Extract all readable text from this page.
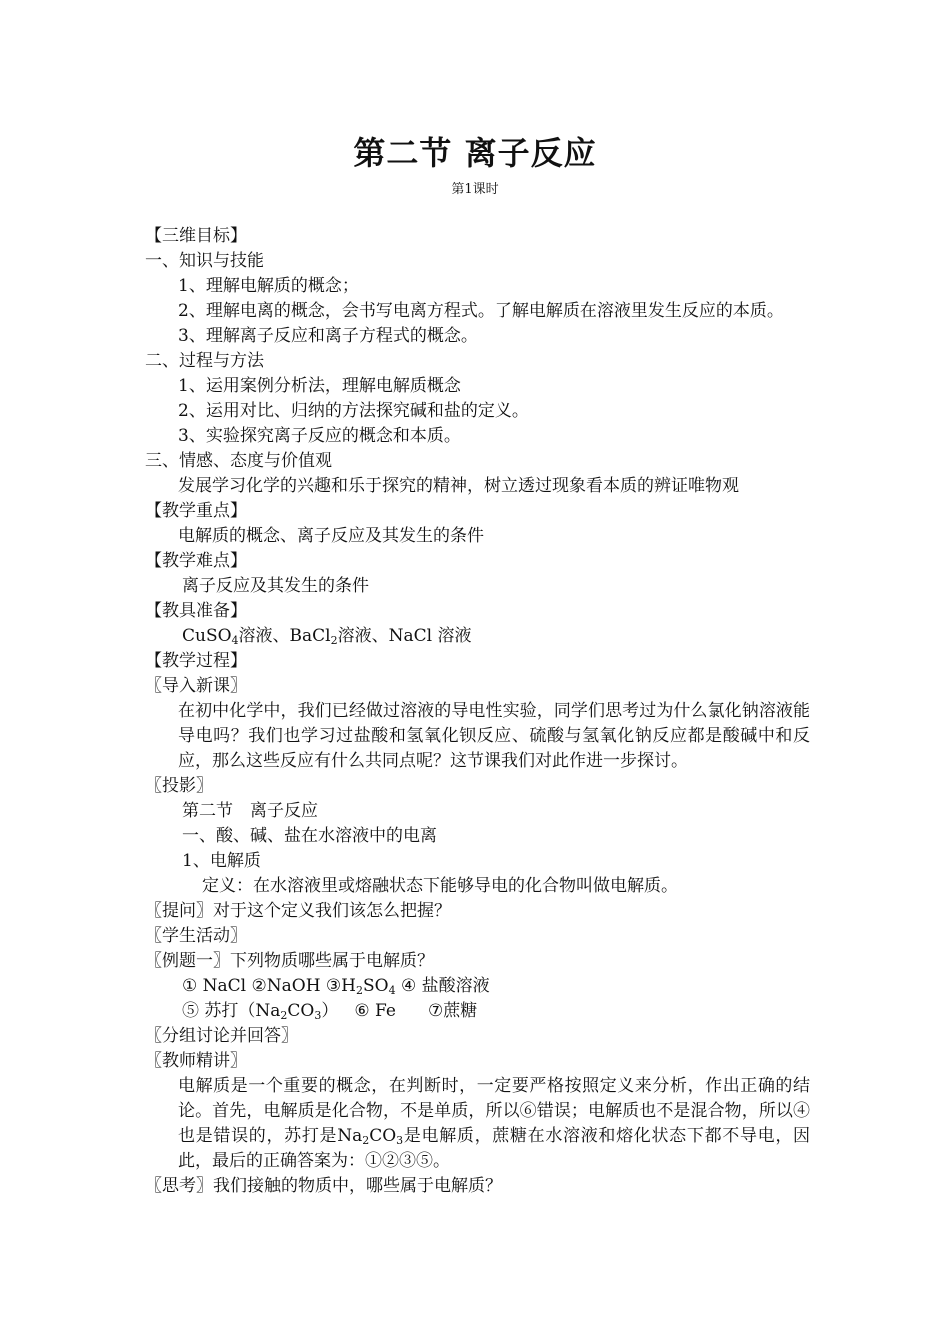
第二节 离子反应
第1课时

【三维目标】

一、知识与技能

1、理解电解质的概念；

2、理解电离的概念，会书写电离方程式。了解电解质在溶液里发生反应的本质。

3、理解离子反应和离子方程式的概念。

二、过程与方法

1、运用案例分析法，理解电解质概念

2、运用对比、归纳的方法探究碱和盐的定义。

3、实验探究离子反应的概念和本质。

三、情感、态度与价值观

发展学习化学的兴趣和乐于探究的精神，树立透过现象看本质的辨证唯物观

【教学重点】

电解质的概念、离子反应及其发生的条件

【教学难点】

离子反应及其发生的条件

【教具准备】

CuSO$_4$溶液、BaCl$_2$溶液、NaCl 溶液

【教学过程】

〖导入新课〗

在初中化学中，我们已经做过溶液的导电性实验，同学们思考过为什么氯化钠溶液能导电吗？我们也学习过盐酸和氢氧化钡反应、硫酸与氢氧化钠反应都是酸碱中和反应，那么这些反应有什么共同点呢？这节课我们对此作进一步探讨。

〖投影〗

第二节　离子反应

一、酸、碱、盐在水溶液中的电离

1、电解质

定义：在水溶液里或熔融状态下能够导电的化合物叫做电解质。

〖提问〗对于这个定义我们该怎么把握？

〖学生活动〗

〖例题一〗下列物质哪些属于电解质？

① NaCl ②NaOH $③H_2SO_4$ ④ 盐酸溶液

⑤ 苏打$(Na_2CO_3)$ ⑥ Fe ⑦蔗糖

〖分组讨论并回答〗

〖教师精讲〗

电解质是一个重要的概念，在判断时，一定要严格按照定义来分析，作出正确的结论。首先，电解质是化合物，不是单质，所以⑥错误；电解质也不是混合物，所以④也是错误的，苏打是$Na_2CO_3$是电解质，蔗糖在水溶液和熔化状态下都不导电，因此，最后的正确答案为：①②③⑤。

〖思考〗我们接触的物质中，哪些属于电解质？
